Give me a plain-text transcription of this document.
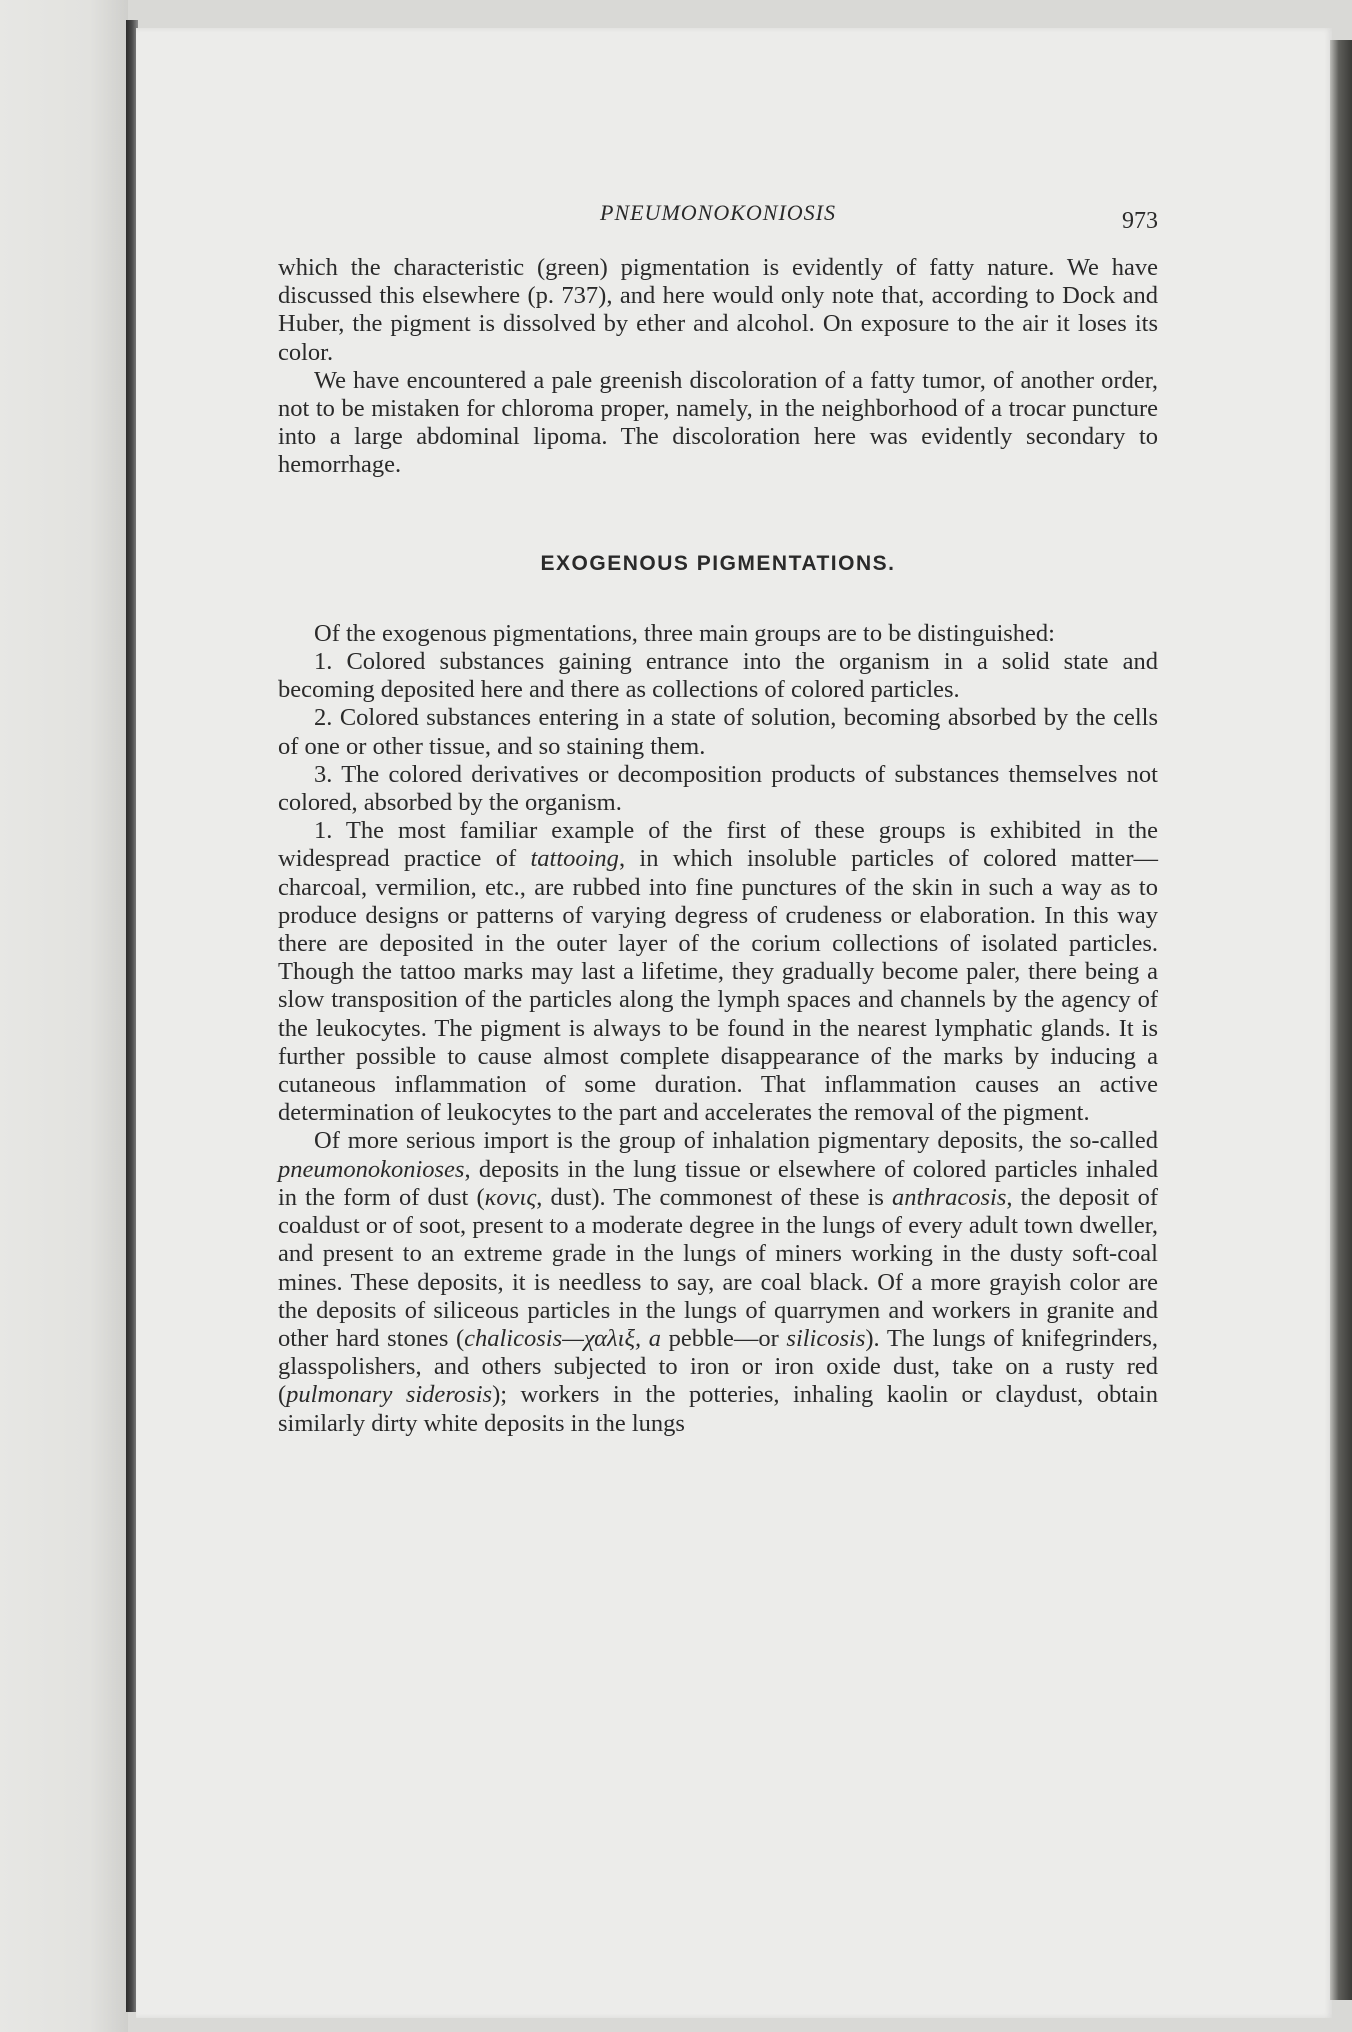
PNEUMONOKONIOSIS	973

which the characteristic (green) pigmentation is evidently of fatty nature. We have discussed this elsewhere (p. 737), and here would only note that, according to Dock and Huber, the pigment is dissolved by ether and alcohol. On exposure to the air it loses its color.

We have encountered a pale greenish discoloration of a fatty tumor, of another order, not to be mistaken for chloroma proper, namely, in the neighborhood of a trocar puncture into a large abdominal lipoma. The discoloration here was evidently secondary to hemorrhage.

EXOGENOUS PIGMENTATIONS.

Of the exogenous pigmentations, three main groups are to be distinguished:

1. Colored substances gaining entrance into the organism in a solid state and becoming deposited here and there as collections of colored particles.

2. Colored substances entering in a state of solution, becoming absorbed by the cells of one or other tissue, and so staining them.

3. The colored derivatives or decomposition products of substances themselves not colored, absorbed by the organism.

1. The most familiar example of the first of these groups is exhibited in the widespread practice of tattooing, in which insoluble particles of colored matter—charcoal, vermilion, etc., are rubbed into fine punctures of the skin in such a way as to produce designs or patterns of varying degress of crudeness or elaboration. In this way there are deposited in the outer layer of the corium collections of isolated particles. Though the tattoo marks may last a lifetime, they gradually become paler, there being a slow transposition of the particles along the lymph spaces and channels by the agency of the leukocytes. The pigment is always to be found in the nearest lymphatic glands. It is further possible to cause almost complete disappearance of the marks by inducing a cutaneous inflammation of some duration. That inflammation causes an active determination of leukocytes to the part and accelerates the removal of the pigment.

Of more serious import is the group of inhalation pigmentary deposits, the so-called pneumonokonioses, deposits in the lung tissue or elsewhere of colored particles inhaled in the form of dust (κονις, dust). The commonest of these is anthracosis, the deposit of coaldust or of soot, present to a moderate degree in the lungs of every adult town dweller, and present to an extreme grade in the lungs of miners working in the dusty soft-coal mines. These deposits, it is needless to say, are coal black. Of a more grayish color are the deposits of siliceous particles in the lungs of quarrymen and workers in granite and other hard stones (chalicosis—χαλιξ, a pebble—or silicosis). The lungs of knifegrinders, glasspolishers, and others subjected to iron or iron oxide dust, take on a rusty red (pulmonary siderosis); workers in the potteries, inhaling kaolin or claydust, obtain similarly dirty white deposits in the lungs
